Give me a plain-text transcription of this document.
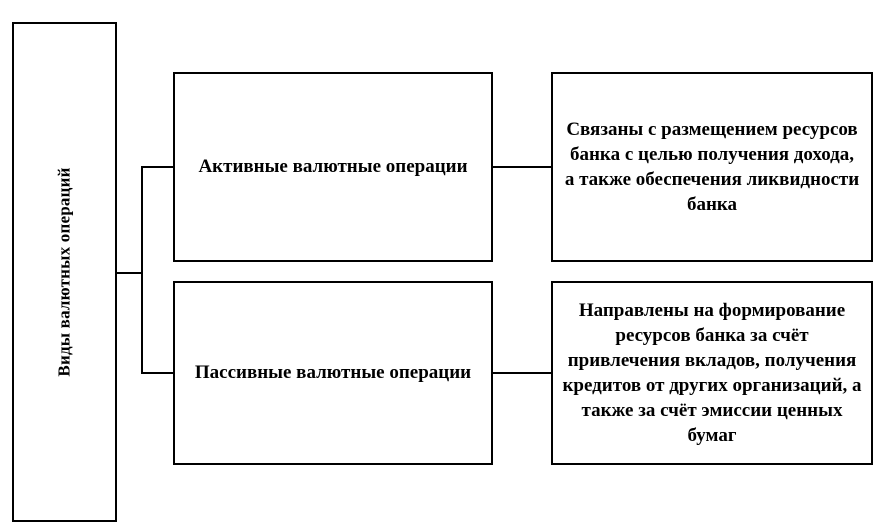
Виды валютных операций
Активные валютные операции
Связаны с размещением ресурсов банка с целью получения дохода, а также обеспечения ликвидности банка
Пассивные валютные операции
Направлены на формирование ресурсов банка за счёт привлечения вкладов, получения кредитов от других организаций, а также за счёт эмиссии ценных бумаг
